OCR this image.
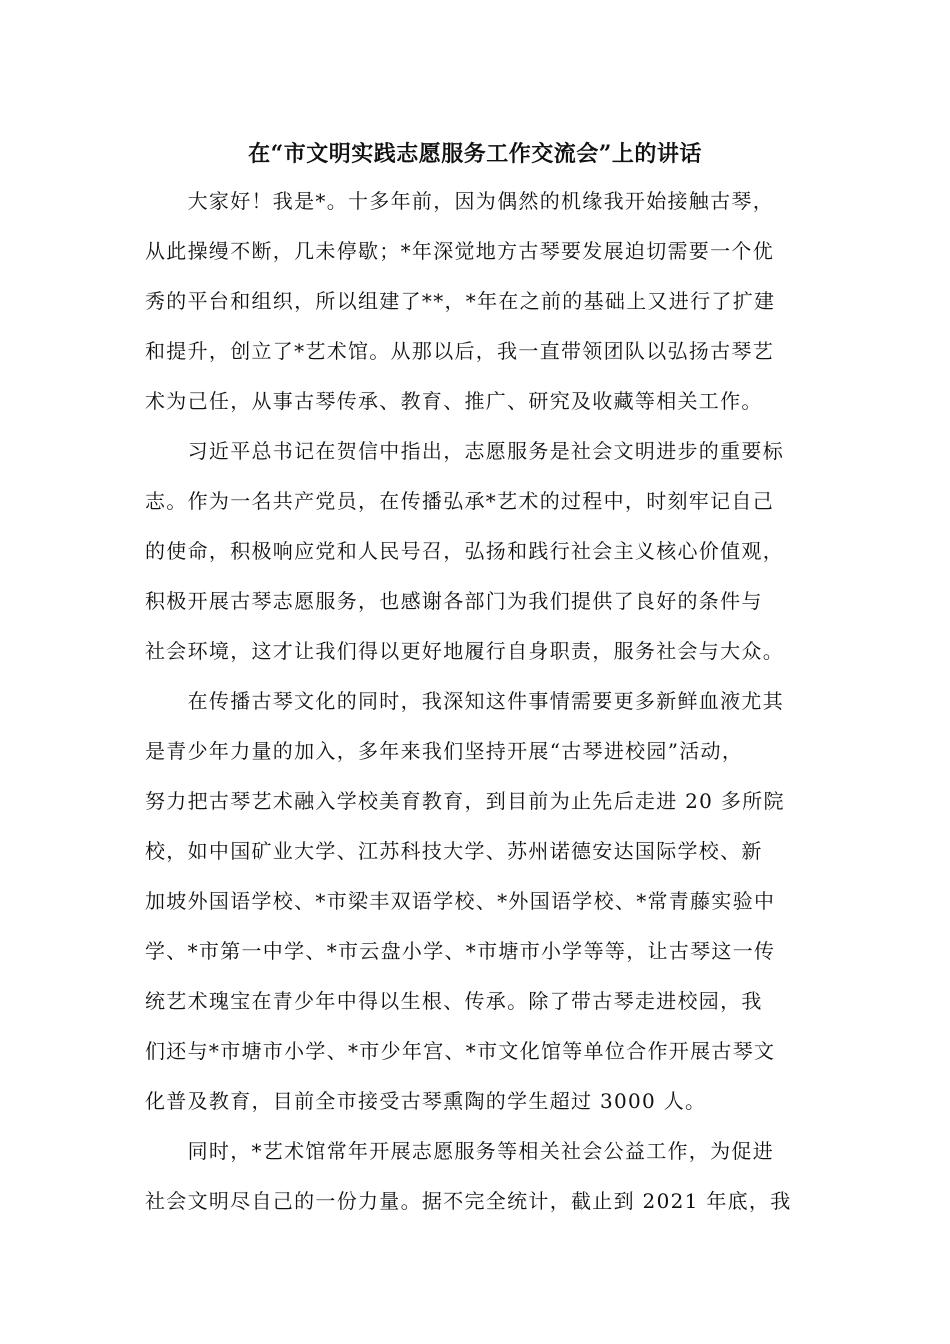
在“市文明实践志愿服务工作交流会”上的讲话
　　大家好！我是*。十多年前，因为偶然的机缘我开始接触古琴，
从此操缦不断，几未停歇；*年深觉地方古琴要发展迫切需要一个优
秀的平台和组织，所以组建了**，*年在之前的基础上又进行了扩建
和提升，创立了*艺术馆。从那以后，我一直带领团队以弘扬古琴艺
术为己任，从事古琴传承、教育、推广、研究及收藏等相关工作。
　　习近平总书记在贺信中指出，志愿服务是社会文明进步的重要标
志。作为一名共产党员，在传播弘承*艺术的过程中，时刻牢记自己
的使命，积极响应党和人民号召，弘扬和践行社会主义核心价值观，
积极开展古琴志愿服务，也感谢各部门为我们提供了良好的条件与
社会环境，这才让我们得以更好地履行自身职责，服务社会与大众。
　　在传播古琴文化的同时，我深知这件事情需要更多新鲜血液尤其
是青少年力量的加入，多年来我们坚持开展“古琴进校园”活动，
努力把古琴艺术融入学校美育教育，到目前为止先后走进 20 多所院
校，如中国矿业大学、江苏科技大学、苏州诺德安达国际学校、新
加坡外国语学校、*市梁丰双语学校、*外国语学校、*常青藤实验中
学、*市第一中学、*市云盘小学、*市塘市小学等等，让古琴这一传
统艺术瑰宝在青少年中得以生根、传承。除了带古琴走进校园，我
们还与*市塘市小学、*市少年宫、*市文化馆等单位合作开展古琴文
化普及教育，目前全市接受古琴熏陶的学生超过 3000 人。
　　同时，*艺术馆常年开展志愿服务等相关社会公益工作，为促进
社会文明尽自己的一份力量。据不完全统计，截止到 2021 年底，我
